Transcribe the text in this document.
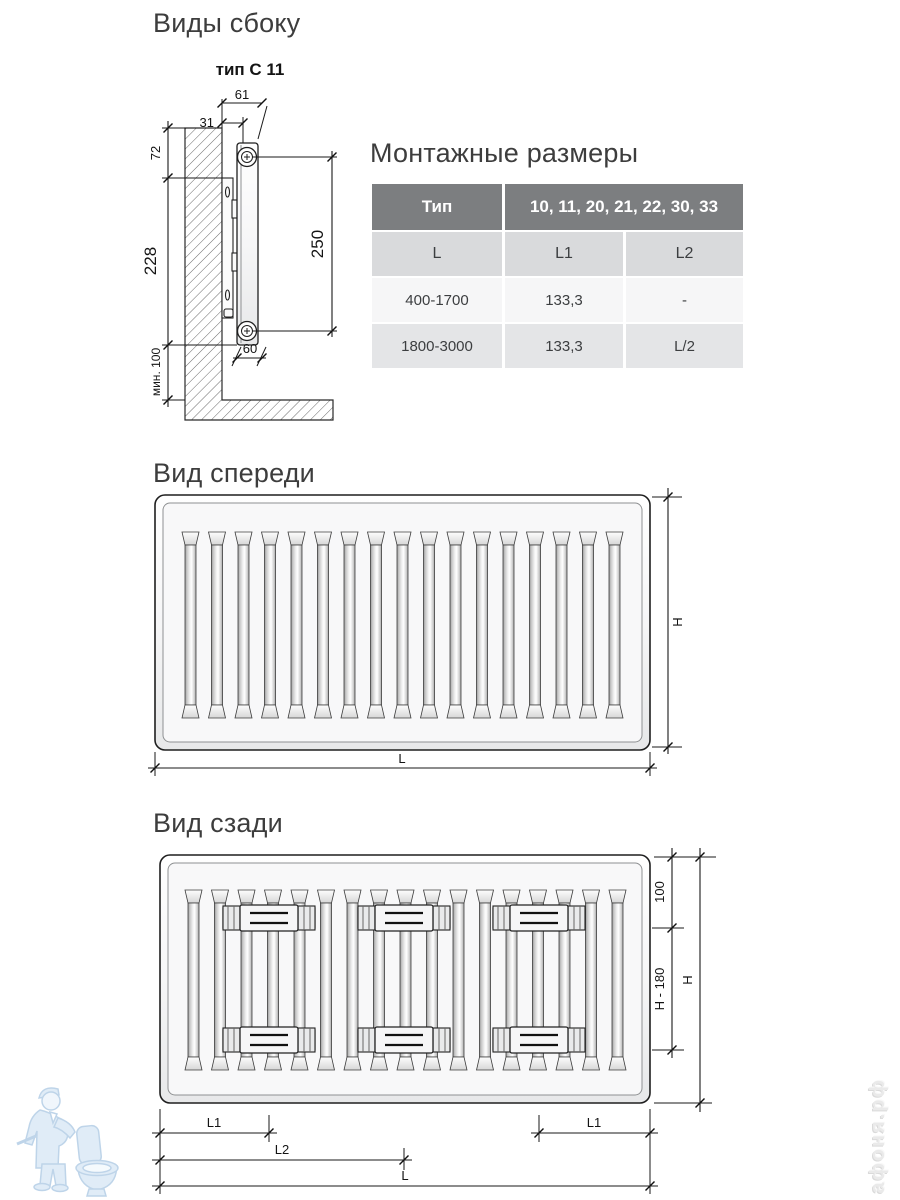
Виды сбоку
тип С 11
Монтажные размеры
Вид спереди
Вид сзади
Тип	10, 11, 20, 21, 22, 30, 33
L	L1	L2
400-1700	133,3	-
1800-3000	133,3	L/2
61
31
72
228
250
60
мин. 100
H
L
100
H - 180 H
L1	L1
L2
L	афоня.рф
